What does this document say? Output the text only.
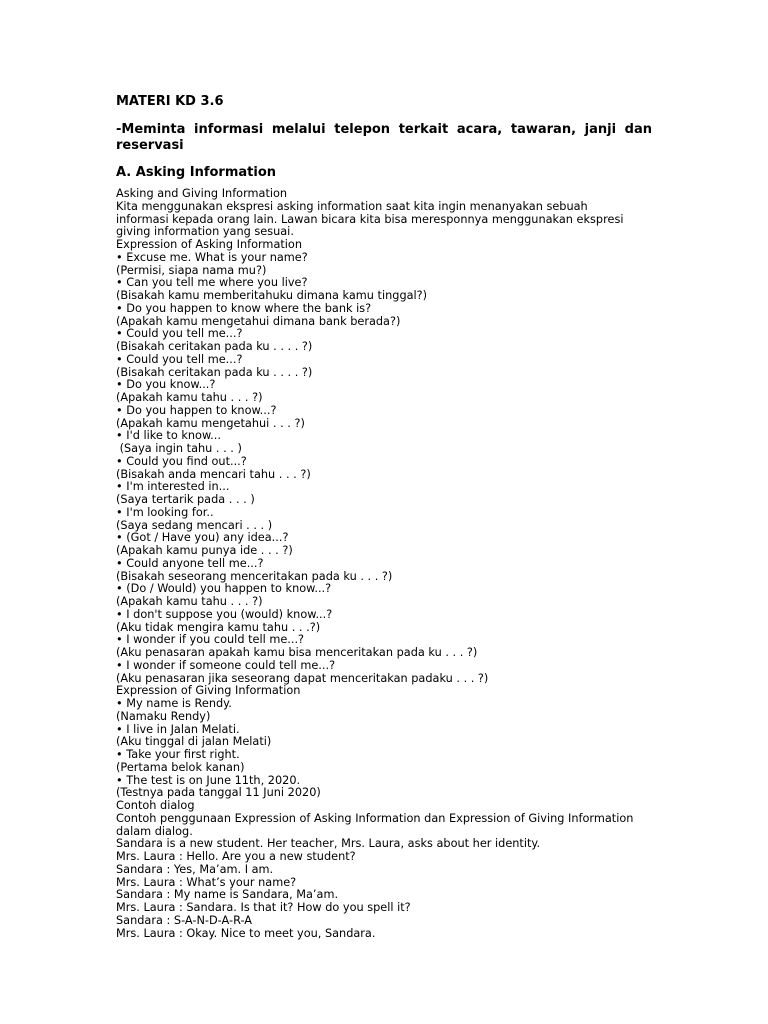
MATERI KD 3.6

-Meminta informasi melalui telepon terkait acara, tawaran, janji dan

reservasi

A. Asking Information

Asking and Giving Information
Kita menggunakan ekspresi asking information saat kita ingin menanyakan sebuah
informasi kepada orang lain. Lawan bicara kita bisa meresponnya menggunakan ekspresi
giving information yang sesuai.
Expression of Asking Information
• Excuse me. What is your name?
(Permisi, siapa nama mu?)
• Can you tell me where you live?
(Bisakah kamu memberitahuku dimana kamu tinggal?)
• Do you happen to know where the bank is?
(Apakah kamu mengetahui dimana bank berada?)
• Could you tell me...?
(Bisakah ceritakan pada ku . . . . ?)
• Could you tell me...?
(Bisakah ceritakan pada ku . . . . ?)
• Do you know...?
(Apakah kamu tahu . . . ?)
• Do you happen to know...?
(Apakah kamu mengetahui . . . ?)
• I'd like to know...
(Saya ingin tahu . . . )
• Could you find out...?
(Bisakah anda mencari tahu . . . ?)
• I'm interested in...
(Saya tertarik pada . . . )
• I'm looking for..
(Saya sedang mencari . . . )
• (Got / Have you) any idea...?
(Apakah kamu punya ide . . . ?)
• Could anyone tell me...?
(Bisakah seseorang menceritakan pada ku . . . ?)
• (Do / Would) you happen to know...?
(Apakah kamu tahu . . . ?)
• I don't suppose you (would) know...?
(Aku tidak mengira kamu tahu . . .?)
• I wonder if you could tell me...?
(Aku penasaran apakah kamu bisa menceritakan pada ku . . . ?)
• I wonder if someone could tell me...?
(Aku penasaran jika seseorang dapat menceritakan padaku . . . ?)
Expression of Giving Information
• My name is Rendy.
(Namaku Rendy)
• I live in Jalan Melati.
(Aku tinggal di jalan Melati)
• Take your first right.
(Pertama belok kanan)
• The test is on June 11th, 2020.
(Testnya pada tanggal 11 Juni 2020)
Contoh dialog
Contoh penggunaan Expression of Asking Information dan Expression of Giving Information
dalam dialog.
Sandara is a new student. Her teacher, Mrs. Laura, asks about her identity.
Mrs. Laura : Hello. Are you a new student?
Sandara : Yes, Ma’am. I am.
Mrs. Laura : What’s your name?
Sandara : My name is Sandara, Ma’am.
Mrs. Laura : Sandara. Is that it? How do you spell it?
Sandara : S-A-N-D-A-R-A
Mrs. Laura : Okay. Nice to meet you, Sandara.
